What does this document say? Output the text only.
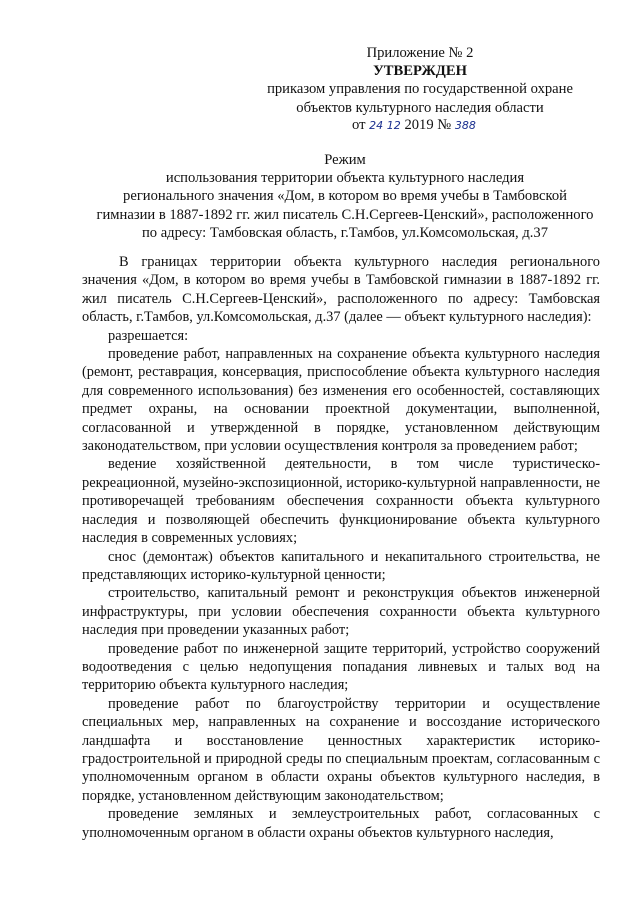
Приложение № 2
УТВЕРЖДЕН
приказом управления по государственной охране
объектов культурного наследия области
от 24 12 2019 № 388
Режим
использования территории объекта культурного наследия
регионального значения «Дом, в котором во время учебы в Тамбовской
гимназии в 1887-1892 гг. жил писатель С.Н.Сергеев-Ценский», расположенного
по адресу: Тамбовская область, г.Тамбов, ул.Комсомольская, д.37

В границах территории объекта культурного наследия регионального значения «Дом, в котором во время учебы в Тамбовской гимназии в 1887-1892 гг. жил писатель С.Н.Сергеев-Ценский», расположенного по адресу: Тамбовская область, г.Тамбов, ул.Комсомольская, д.37 (далее — объект культурного наследия):

разрешается:

проведение работ, направленных на сохранение объекта культурного наследия (ремонт, реставрация, консервация, приспособление объекта культурного наследия для современного использования) без изменения его особенностей, составляющих предмет охраны, на основании проектной документации, выполненной, согласованной и утвержденной в порядке, установленном действующим законодательством, при условии осуществления контроля за проведением работ;

ведение хозяйственной деятельности, в том числе туристическо-рекреационной, музейно-экспозиционной, историко-культурной направленности, не противоречащей требованиям обеспечения сохранности объекта культурного наследия и позволяющей обеспечить функционирование объекта культурного наследия в современных условиях;

снос (демонтаж) объектов капитального и некапитального строительства, не представляющих историко-культурной ценности;

строительство, капитальный ремонт и реконструкция объектов инженерной инфраструктуры, при условии обеспечения сохранности объекта культурного наследия при проведении указанных работ;

проведение работ по инженерной защите территорий, устройство сооружений водоотведения с целью недопущения попадания ливневых и талых вод на территорию объекта культурного наследия;

проведение работ по благоустройству территории и осуществление специальных мер, направленных на сохранение и воссоздание исторического ландшафта и восстановление ценностных характеристик историко-градостроительной и природной среды по специальным проектам, согласованным с уполномоченным органом в области охраны объектов культурного наследия, в порядке, установленном действующим законодательством;

проведение земляных и землеустроительных работ, согласованных с уполномоченным органом в области охраны объектов культурного наследия,
